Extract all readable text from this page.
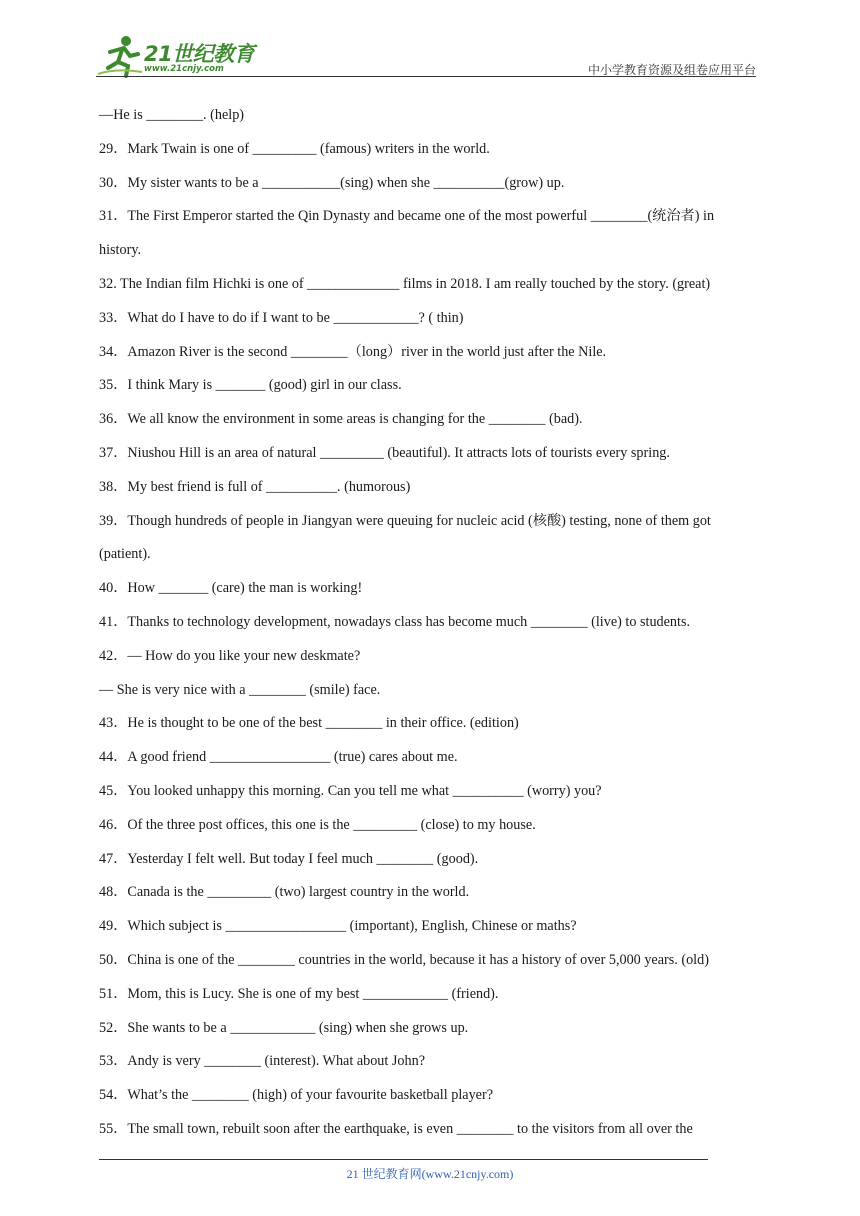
21世纪教育
www.21cnjy.com	中小学教育资源及组卷应用平台
—He is ________. (help)
29．Mark Twain is one of _________ (famous) writers in the world.
30．My sister wants to be a ___________(sing) when she __________(grow) up.
31．The First Emperor started the Qin Dynasty and became one of the most powerful ________(统治者) in
history.
32. The Indian film Hichki is one of _____________ films in 2018. I am really touched by the story. (great)
33．What do I have to do if I want to be ____________? ( thin)
34．Amazon River is the second ________（long）river in the world just after the Nile.
35．I think Mary is _______ (good) girl in our class.
36．We all know the environment in some areas is changing for the ________ (bad).
37．Niushou Hill is an area of natural _________ (beautiful). It attracts lots of tourists every spring.
38．My best friend is full of __________. (humorous)
39．Though hundreds of people in Jiangyan were queuing for nucleic acid (核酸) testing, none of them got
(patient).
40．How _______ (care) the man is working!
41．Thanks to technology development, nowadays class has become much ________ (live) to students.
42．— How do you like your new deskmate?
— She is very nice with a ________ (smile) face.
43．He is thought to be one of the best ________ in their office. (edition)
44．A good friend _________________ (true) cares about me.
45．You looked unhappy this morning. Can you tell me what __________ (worry) you?
46．Of the three post offices, this one is the _________ (close) to my house.
47．Yesterday I felt well. But today I feel much ________ (good).
48．Canada is the _________ (two) largest country in the world.
49．Which subject is _________________ (important), English, Chinese or maths?
50．China is one of the ________ countries in the world, because it has a history of over 5,000 years. (old)
51．Mom, this is Lucy. She is one of my best ____________ (friend).
52．She wants to be a ____________ (sing) when she grows up.
53．Andy is very ________ (interest). What about John?
54．What’s the ________ (high) of your favourite basketball player?
55．The small town, rebuilt soon after the earthquake, is even ________ to the visitors from all over the
21 世纪教育网(www.21cnjy.com)
